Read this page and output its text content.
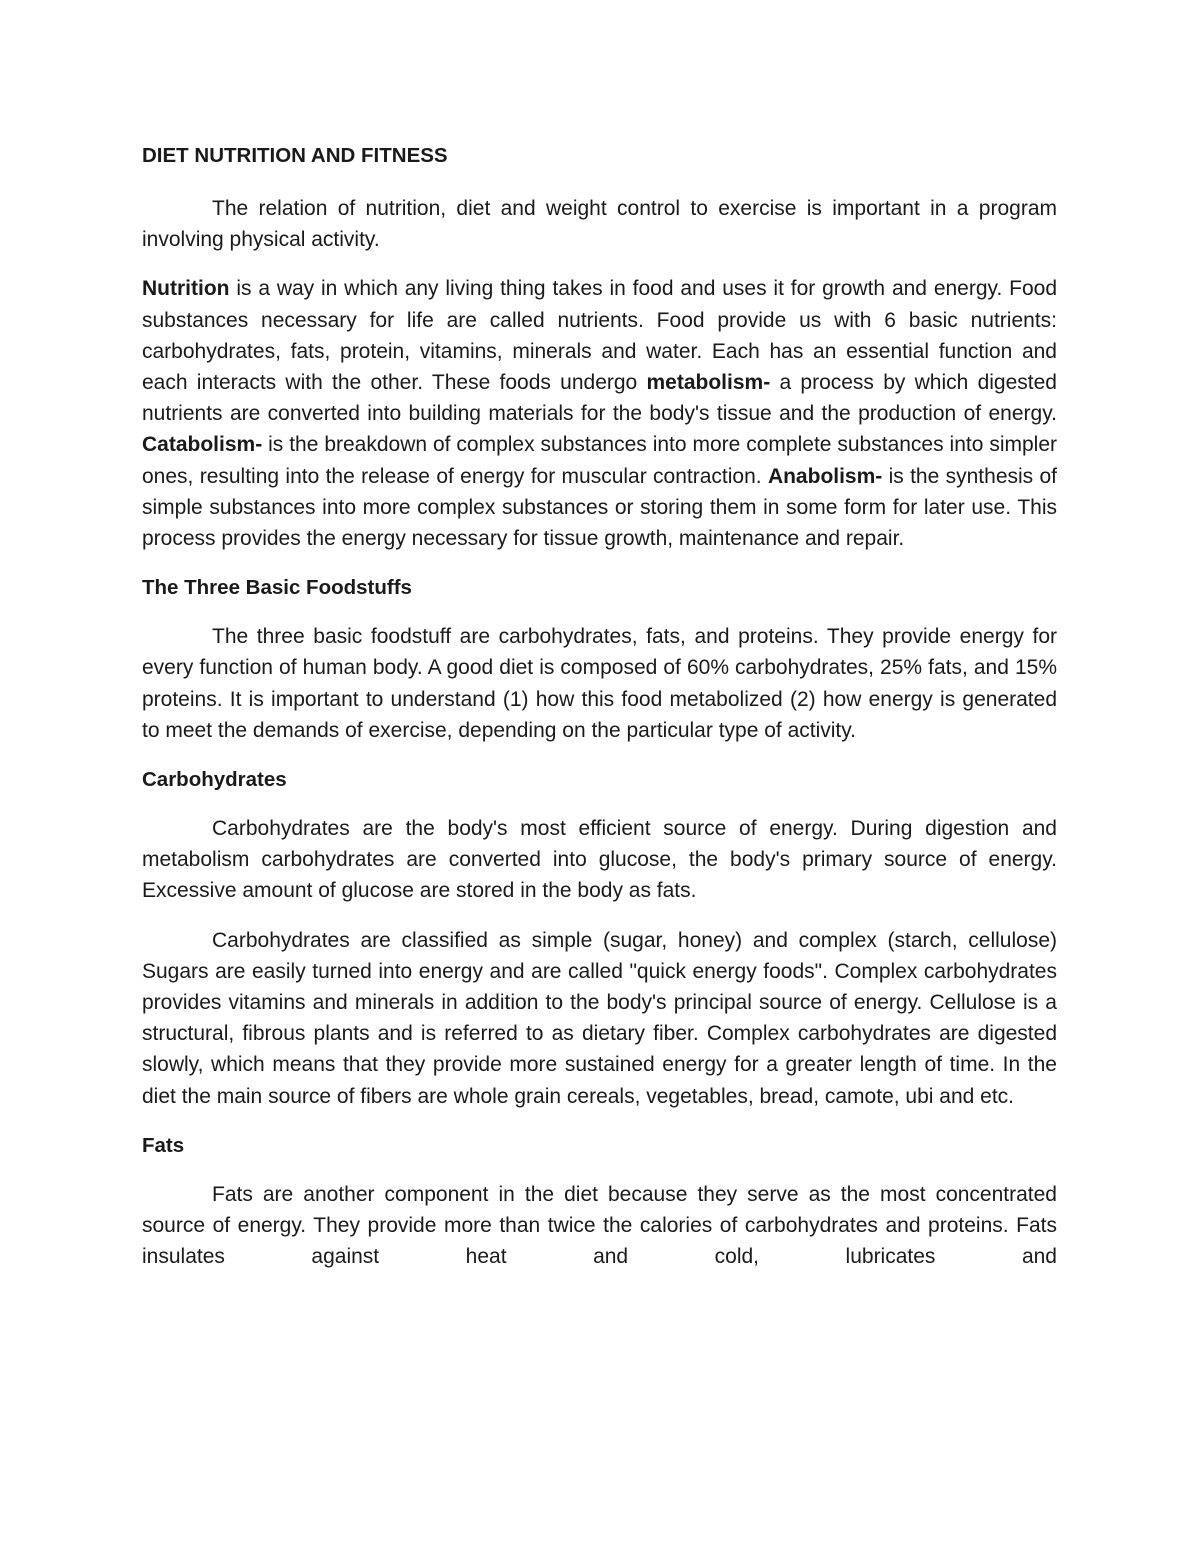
DIET NUTRITION AND FITNESS

The relation of nutrition, diet and weight control to exercise is important in a program involving physical activity.

Nutrition is a way in which any living thing takes in food and uses it for growth and energy. Food substances necessary for life are called nutrients. Food provide us with 6 basic nutrients: carbohydrates, fats, protein, vitamins, minerals and water. Each has an essential function and each interacts with the other. These foods undergo metabolism- a process by which digested nutrients are converted into building materials for the body's tissue and the production of energy. Catabolism- is the breakdown of complex substances into more complete substances into simpler ones, resulting into the release of energy for muscular contraction. Anabolism- is the synthesis of simple substances into more complex substances or storing them in some form for later use. This process provides the energy necessary for tissue growth, maintenance and repair.

The Three Basic Foodstuffs

The three basic foodstuff are carbohydrates, fats, and proteins. They provide energy for every function of human body. A good diet is composed of 60% carbohydrates, 25% fats, and 15% proteins. It is important to understand (1) how this food metabolized (2) how energy is generated to meet the demands of exercise, depending on the particular type of activity.

Carbohydrates

Carbohydrates are the body's most efficient source of energy. During digestion and metabolism carbohydrates are converted into glucose, the body's primary source of energy. Excessive amount of glucose are stored in the body as fats.

Carbohydrates are classified as simple (sugar, honey) and complex (starch, cellulose) Sugars are easily turned into energy and are called "quick energy foods". Complex carbohydrates provides vitamins and minerals in addition to the body's principal source of energy. Cellulose is a structural, fibrous plants and is referred to as dietary fiber. Complex carbohydrates are digested slowly, which means that they provide more sustained energy for a greater length of time. In the diet the main source of fibers are whole grain cereals, vegetables, bread, camote, ubi and etc.

Fats

Fats are another component in the diet because they serve as the most concentrated source of energy. They provide more than twice the calories of carbohydrates and proteins. Fats insulates against heat and cold, lubricates and
